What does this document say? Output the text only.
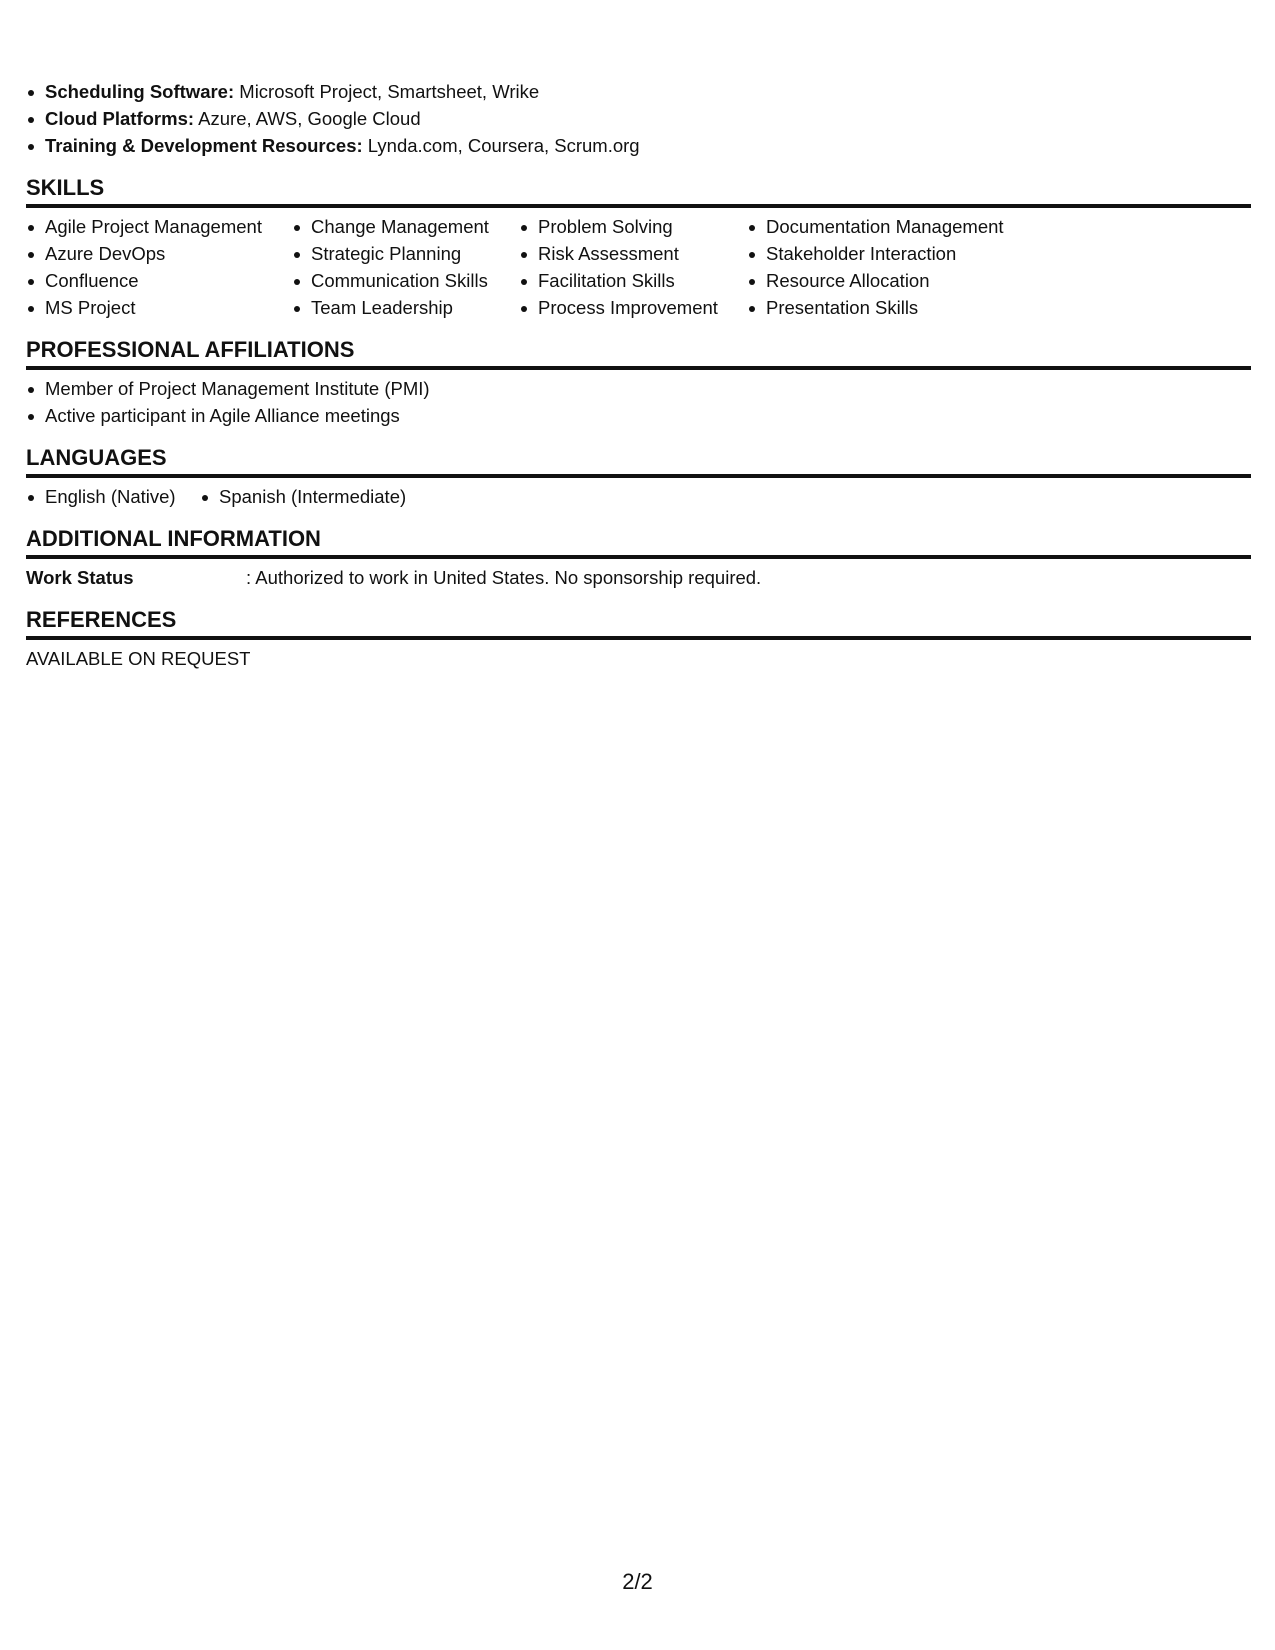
Scheduling Software: Microsoft Project, Smartsheet, Wrike
Cloud Platforms: Azure, AWS, Google Cloud
Training & Development Resources: Lynda.com, Coursera, Scrum.org
SKILLS
Agile Project Management
Azure DevOps
Confluence
MS Project
Change Management
Strategic Planning
Communication Skills
Team Leadership
Problem Solving
Risk Assessment
Facilitation Skills
Process Improvement
Documentation Management
Stakeholder Interaction
Resource Allocation
Presentation Skills
PROFESSIONAL AFFILIATIONS
Member of Project Management Institute (PMI)
Active participant in Agile Alliance meetings
LANGUAGES
English (Native)	Spanish (Intermediate)
ADDITIONAL INFORMATION
Work Status	: Authorized to work in United States. No sponsorship required.
REFERENCES
AVAILABLE ON REQUEST
2/2
